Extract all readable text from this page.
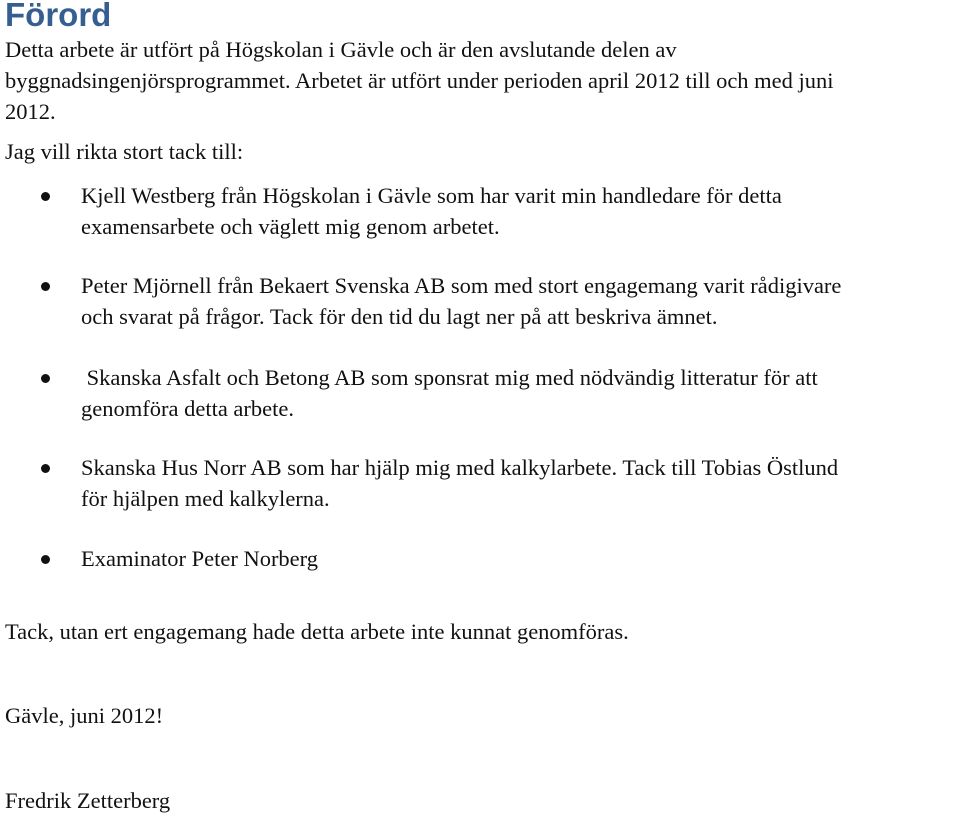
Förord
Detta arbete är utfört på Högskolan i Gävle och är den avslutande delen av
byggnadsingenjörsprogrammet. Arbetet är utfört under perioden april 2012 till och med juni
2012.

Jag vill rikta stort tack till:

Kjell Westberg från Högskolan i Gävle som har varit min handledare för detta
examensarbete och väglett mig genom arbetet.
Peter Mjörnell från Bekaert Svenska AB som med stort engagemang varit rådigivare
och svarat på frågor. Tack för den tid du lagt ner på att beskriva ämnet.
Skanska Asfalt och Betong AB som sponsrat mig med nödvändig litteratur för att
genomföra detta arbete.
Skanska Hus Norr AB som har hjälp mig med kalkylarbete. Tack till Tobias Östlund
för hjälpen med kalkylerna.
Examinator Peter Norberg

Tack, utan ert engagemang hade detta arbete inte kunnat genomföras.

Gävle, juni 2012!

Fredrik Zetterberg
